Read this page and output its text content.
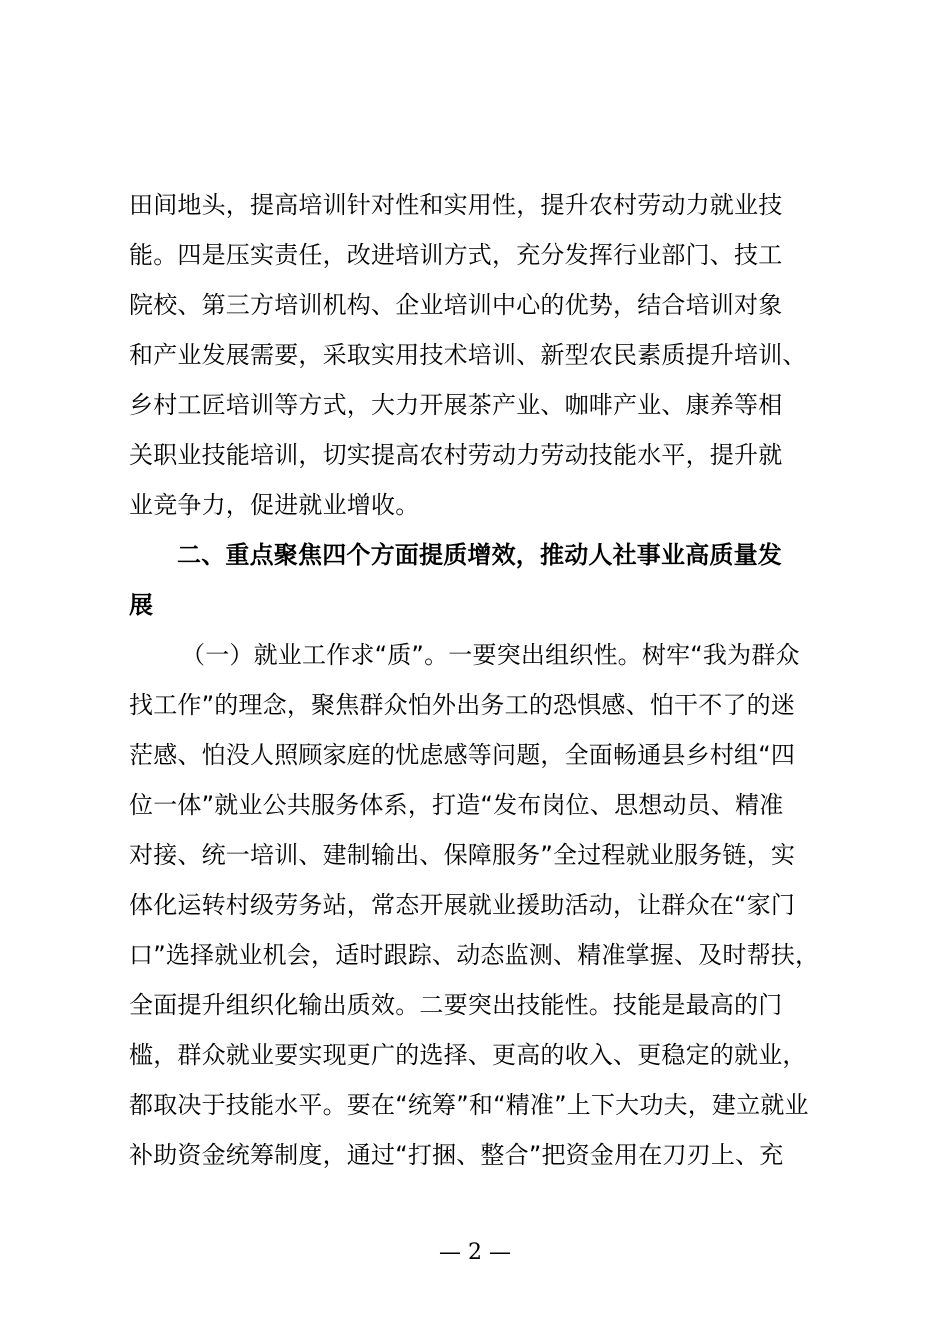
田间地头，提高培训针对性和实用性，提升农村劳动力就业技
能。四是压实责任，改进培训方式，充分发挥行业部门、技工
院校、第三方培训机构、企业培训中心的优势，结合培训对象
和产业发展需要，采取实用技术培训、新型农民素质提升培训、
乡村工匠培训等方式，大力开展茶产业、咖啡产业、康养等相
关职业技能培训，切实提高农村劳动力劳动技能水平，提升就
业竞争力，促进就业增收。
二、重点聚焦四个方面提质增效，推动人社事业高质量发
展
（一）就业工作求“质”。一要突出组织性。树牢“我为群众
找工作”的理念，聚焦群众怕外出务工的恐惧感、怕干不了的迷
茫感、怕没人照顾家庭的忧虑感等问题，全面畅通县乡村组“四
位一体”就业公共服务体系，打造“发布岗位、思想动员、精准
对接、统一培训、建制输出、保障服务”全过程就业服务链，实
体化运转村级劳务站，常态开展就业援助活动，让群众在“家门
口”选择就业机会，适时跟踪、动态监测、精准掌握、及时帮扶，
全面提升组织化输出质效。二要突出技能性。技能是最高的门
槛，群众就业要实现更广的选择、更高的收入、更稳定的就业，
都取决于技能水平。要在“统筹”和“精准”上下大功夫，建立就业
补助资金统筹制度，通过“打捆、整合”把资金用在刀刃上、充
— 2 —
